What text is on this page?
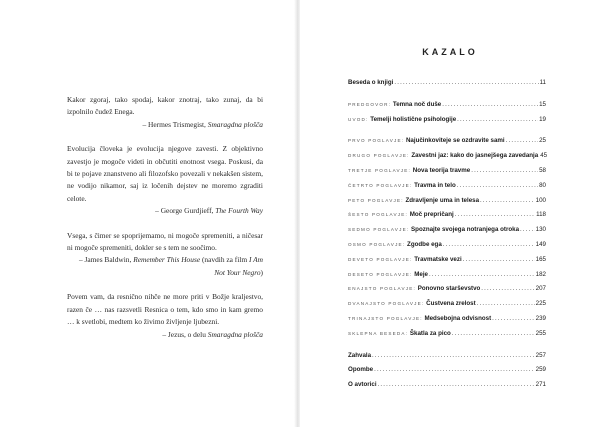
Kakor zgoraj, tako spodaj, kakor znotraj, tako zunaj, da bi izpolnilo čudež Enega.

– Hermes Trismegist, Smaragdna plošča

Evolucija človeka je evolucija njegove zavesti. Z objektivno zavestjo je mogoče videti in občutiti enotnost vsega. Poskusi, da bi te pojave znanstveno ali filozofsko povezali v nekakšen sistem, ne vodijo nikamor, saj iz ločenih dejstev ne moremo zgraditi celote.

– George Gurdjieff, The Fourth Way

Vsega, s čimer se spoprijemamo, ni mogoče spremeniti, a ničesar ni mogoče spremeniti, dokler se s tem ne soočimo.

– James Baldwin, Remember This House (navdih za film I Am Not Your Negro)

Povem vam, da resnično nihče ne more priti v Božje kraljestvo, razen če … nas razsvetli Resnica o tem, kdo smo in kam gremo … k svetlobi, medtem ko živimo življenje ljubezni.

– Jezus, o delu Smaragdna plošča

KAZALO
Beseda o knjigi .....	11
PREDGOVOR:
Temna noč duše .....	15
UVOD:
Temelji holistične psihologije .....	19
PRVO POGLAVJE:
Najučinkoviteje se ozdravite sami .....	25
DRUGO POGLAVJE:
Zavestni jaz: kako do jasnejšega zavedanja 45
TRETJE POGLAVJE:
Nova teorija travme .....	58
ČETRTO POGLAVJE:
Travma in telo .....	80
PETO POGLAVJE:
Zdravljenje uma in telesa .....	100
ŠESTO POGLAVJE:
Moč prepričanj .....	118
SEDMO POGLAVJE:
Spoznajte svojega notranjega otroka .....	130
OSMO POGLAVJE:
Zgodbe ega .....	149
DEVETO POGLAVJE:
Travmatske vezi .....	165
DESETO POGLAVJE:
Meje .....	182
ENAJSTO POGLAVJE:
Ponovno starševstvo .....	207
DVANAJSTO POGLAVJE:
Čustvena zrelost .....	225
TRINAJSTO POGLAVJE:
Medsebojna odvisnost .....	239
SKLEPNA BESEDA:
Škatla za pico .....	255
Zahvala .....	257
Opombe .....	259
O avtorici .....	271
